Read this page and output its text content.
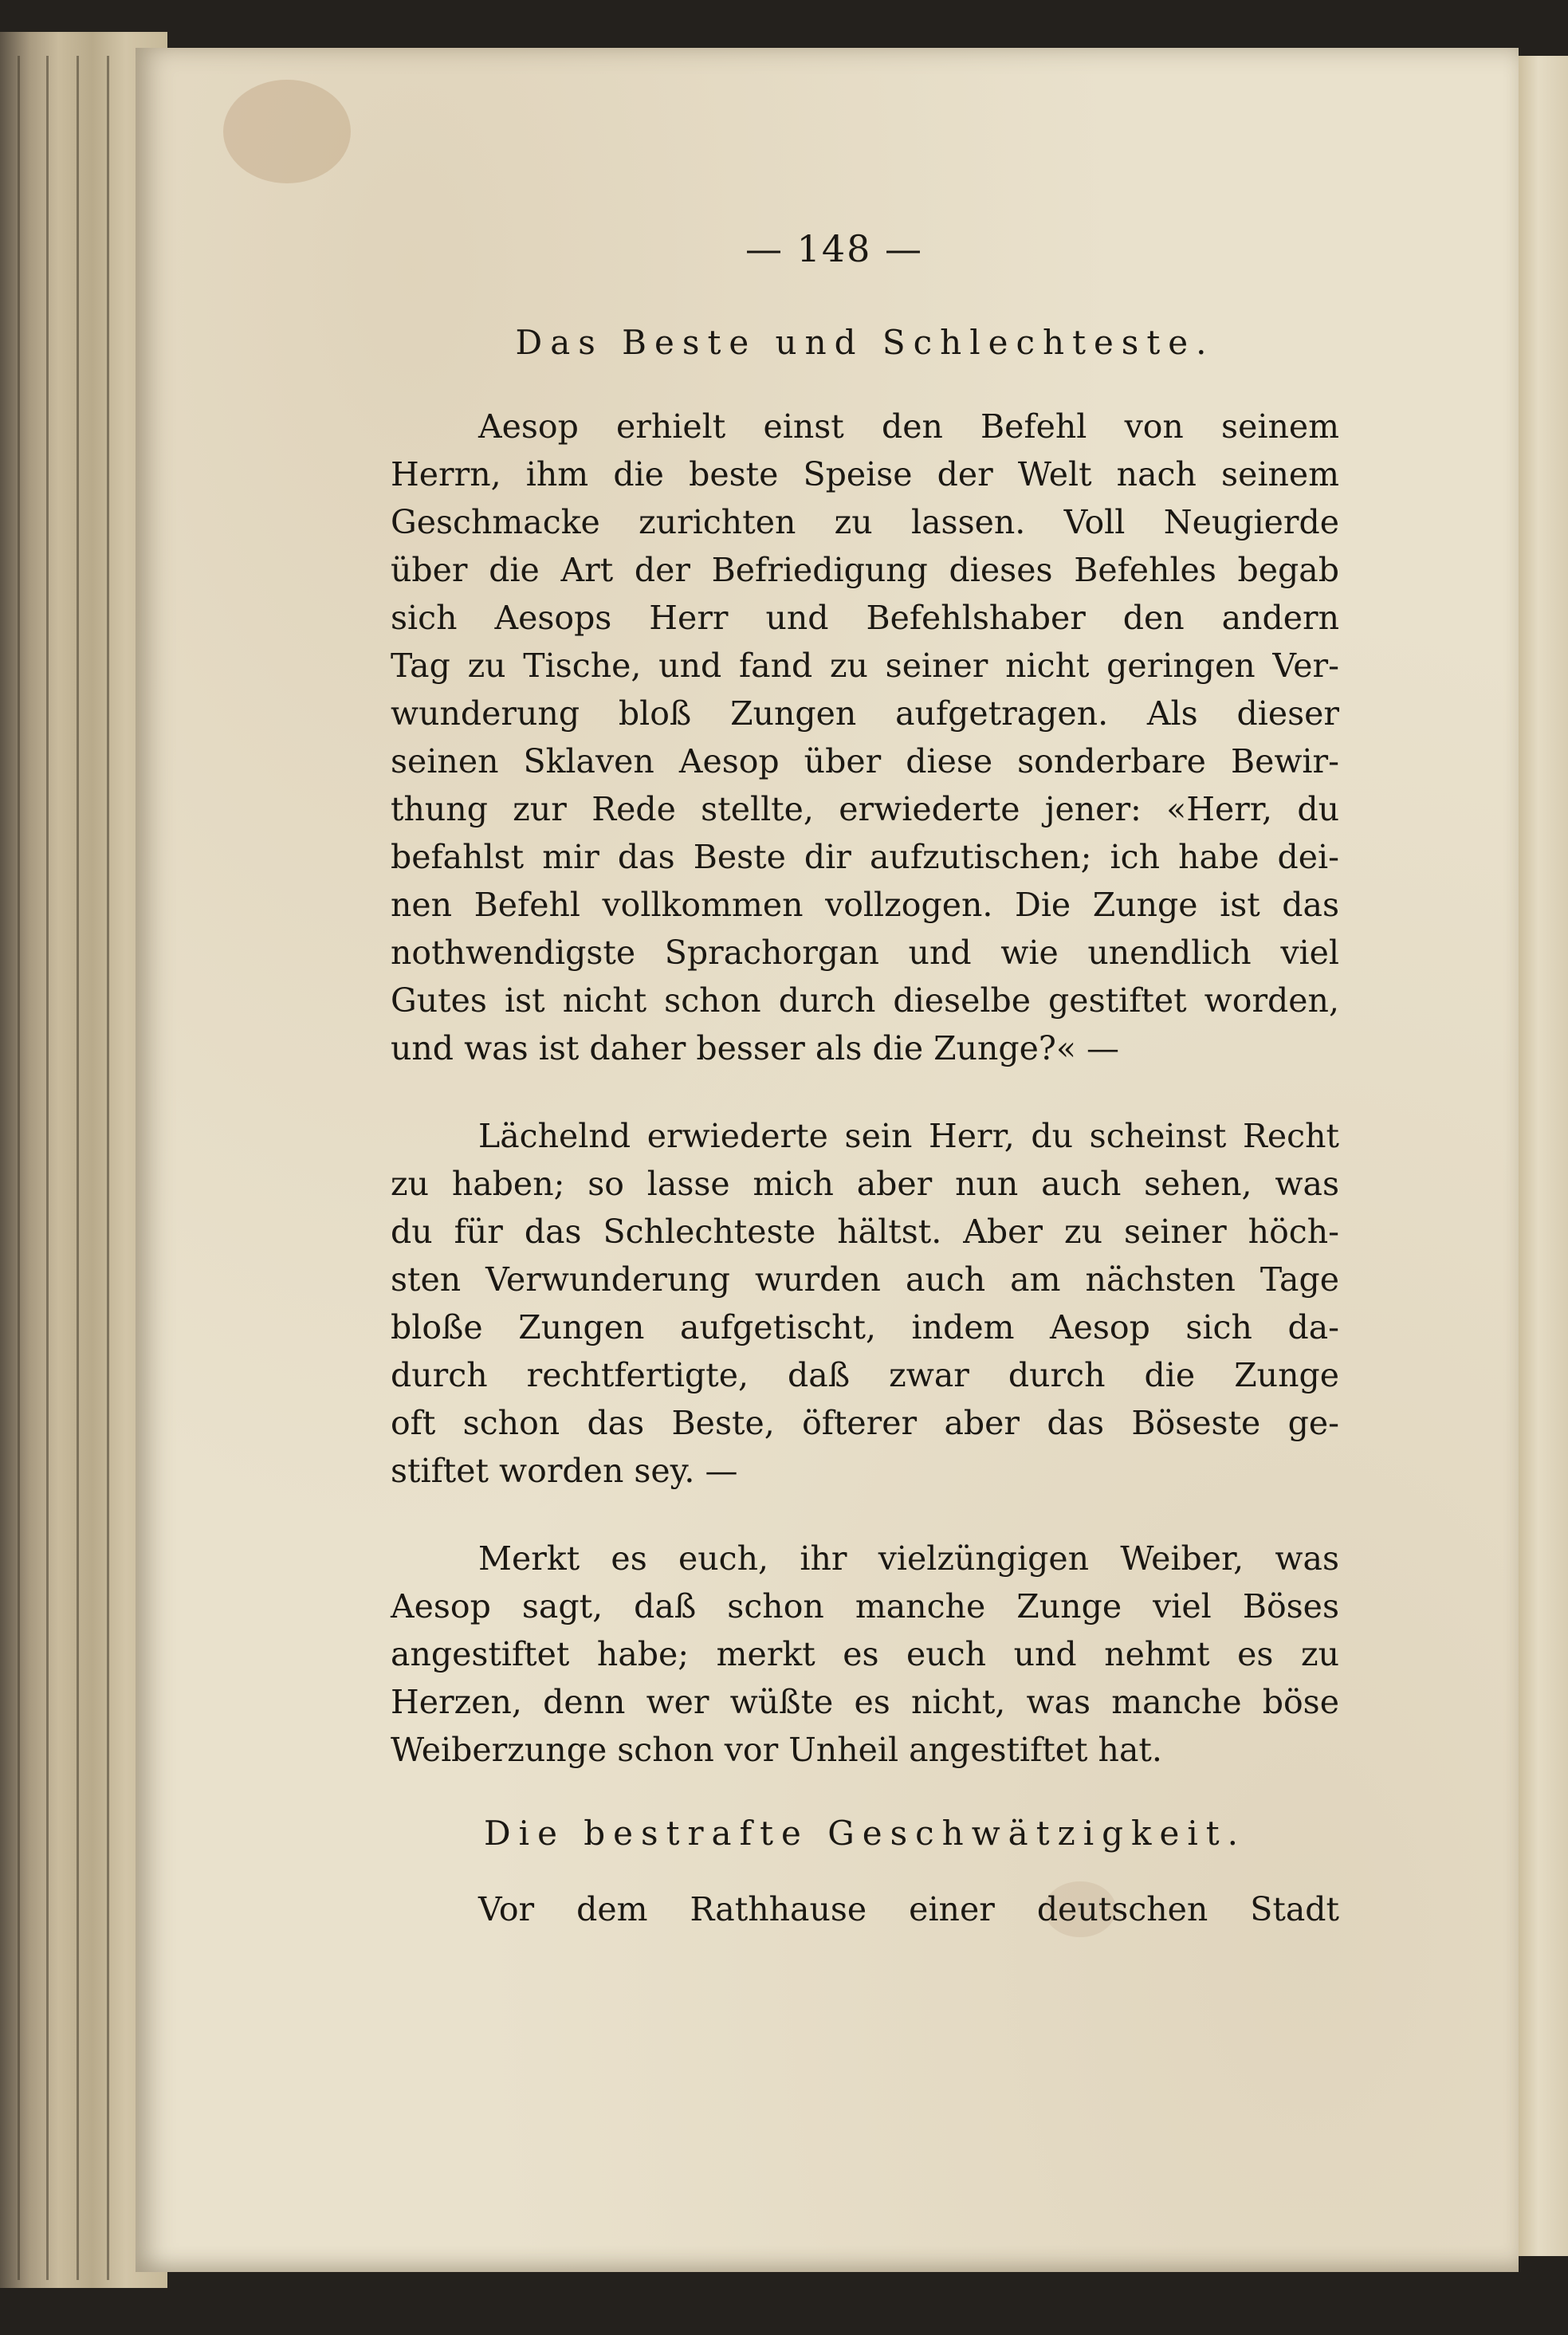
— 148 —
Das Beste und Schlechteste.
Aesop erhielt einst den Befehl von seinem
Herrn, ihm die beste Speise der Welt nach seinem
Geschmacke zurichten zu lassen. Voll Neugierde
über die Art der Befriedigung dieses Befehles begab
sich Aesops Herr und Befehlshaber den andern
Tag zu Tische, und fand zu seiner nicht geringen Ver-
wunderung bloß Zungen aufgetragen. Als dieser
seinen Sklaven Aesop über diese sonderbare Bewir-
thung zur Rede stellte, erwiederte jener: «Herr, du
befahlst mir das Beste dir aufzutischen; ich habe dei-
nen Befehl vollkommen vollzogen. Die Zunge ist das
nothwendigste Sprachorgan und wie unendlich viel
Gutes ist nicht schon durch dieselbe gestiftet worden,
und was ist daher besser als die Zunge?« —
Lächelnd erwiederte sein Herr, du scheinst Recht
zu haben; so lasse mich aber nun auch sehen, was
du für das Schlechteste hältst. Aber zu seiner höch-
sten Verwunderung wurden auch am nächsten Tage
bloße Zungen aufgetischt, indem Aesop sich da-
durch rechtfertigte, daß zwar durch die Zunge
oft schon das Beste, öfterer aber das Böseste ge-
stiftet worden sey. —
Merkt es euch, ihr vielzüngigen Weiber, was
Aesop sagt, daß schon manche Zunge viel Böses
angestiftet habe; merkt es euch und nehmt es zu
Herzen, denn wer wüßte es nicht, was manche böse
Weiberzunge schon vor Unheil angestiftet hat.
Die bestrafte Geschwätzigkeit.
Vor dem Rathhause einer deutschen Stadt
